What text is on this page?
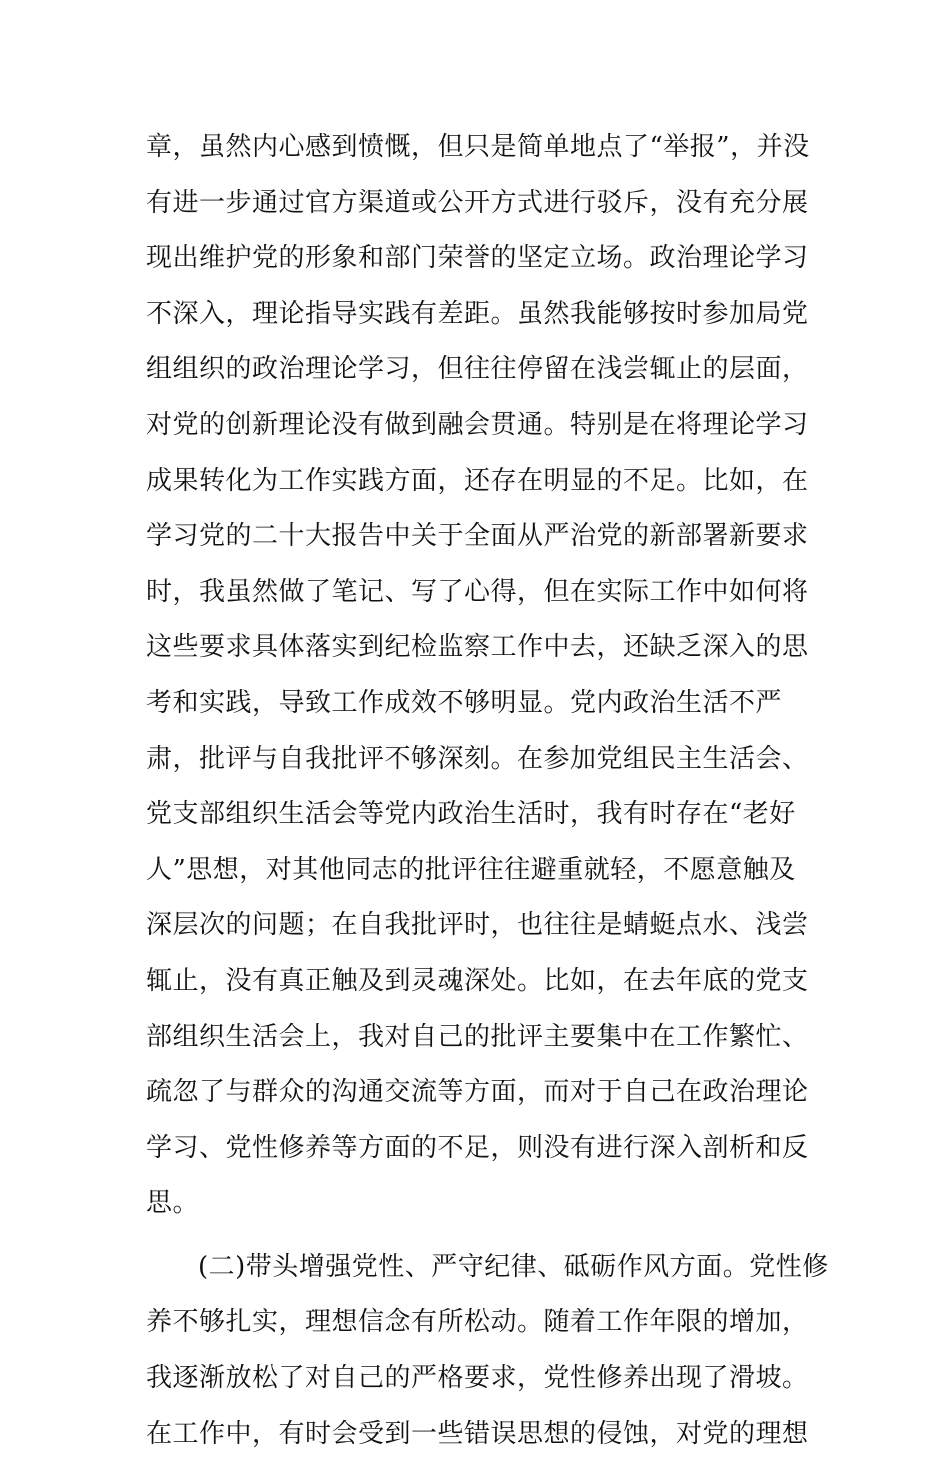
章，虽然内心感到愤慨，但只是简单地点了“举报”，并没
有进一步通过官方渠道或公开方式进行驳斥，没有充分展
现出维护党的形象和部门荣誉的坚定立场。政治理论学习
不深入，理论指导实践有差距。虽然我能够按时参加局党
组组织的政治理论学习，但往往停留在浅尝辄止的层面，
对党的创新理论没有做到融会贯通。特别是在将理论学习
成果转化为工作实践方面，还存在明显的不足。比如，在
学习党的二十大报告中关于全面从严治党的新部署新要求
时，我虽然做了笔记、写了心得，但在实际工作中如何将
这些要求具体落实到纪检监察工作中去，还缺乏深入的思
考和实践，导致工作成效不够明显。党内政治生活不严
肃，批评与自我批评不够深刻。在参加党组民主生活会、
党支部组织生活会等党内政治生活时，我有时存在“老好
人”思想，对其他同志的批评往往避重就轻，不愿意触及
深层次的问题；在自我批评时，也往往是蜻蜓点水、浅尝
辄止，没有真正触及到灵魂深处。比如，在去年底的党支
部组织生活会上，我对自己的批评主要集中在工作繁忙、
疏忽了与群众的沟通交流等方面，而对于自己在政治理论
学习、党性修养等方面的不足，则没有进行深入剖析和反
思。
(二)带头增强党性、严守纪律、砥砺作风方面。党性修
养不够扎实，理想信念有所松动。随着工作年限的增加，
我逐渐放松了对自己的严格要求，党性修养出现了滑坡。
在工作中，有时会受到一些错误思想的侵蚀，对党的理想
